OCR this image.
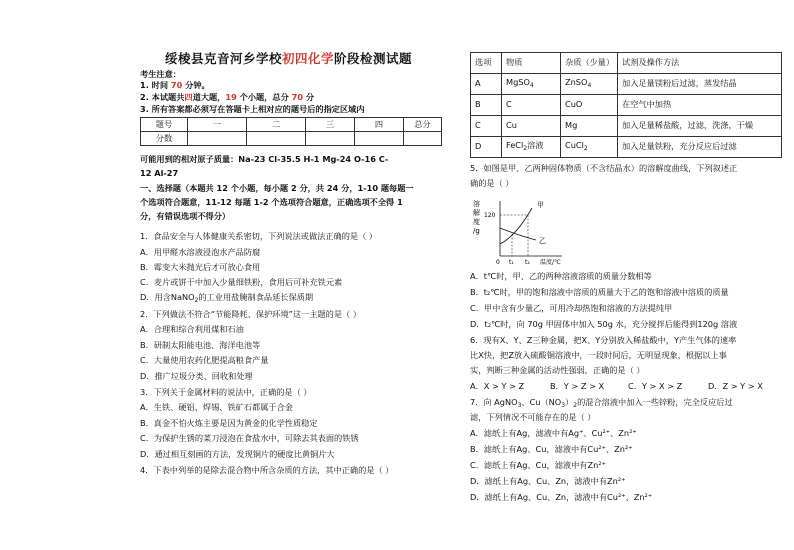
绥棱县克音河乡学校初四化学阶段检测试题
考生注意：
1. 时间 70 分钟。
2. 本试题共四道大题，19 个小题，总分 70 分
3. 所有答案都必须写在答题卡上相对应的题号后的指定区域内
题号	一	二	三	四	总分
分数					
可能用到的相对原子质量：Na-23 Cl-35.5 H-1 Mg-24 O-16 C-
12 Al-27
一、选择题（本题共 12 个小题，每小题 2 分，共 24 分，1-10 题每题一
个选项符合题意，11-12 每题 1-2 个选项符合题意，正确选项不全得 1
分，有错误选项不得分）
1．食品安全与人体健康关系密切，下列说法或做法正确的是（ ）
A．用甲醛水溶液浸泡水产品防腐
B．霉变大米抛光后才可放心食用
C．麦片或饼干中加入少量细铁粉，食用后可补充铁元素
D．用含NaNO$_2$的工业用盐腌制食品延长保质期
2．下列做法不符合“节能降耗、保护环境”这一主题的是（ ）
A．合理和综合利用煤和石油
B．研制太阳能电池、海洋电池等
C．大量使用农药化肥提高粮食产量
D．推广垃圾分类、回收和处理
3．下列关于金属材料的说法中，正确的是（ ）
A．生铁、硬铝、焊锡、铁矿石都属于合金
B．真金不怕火炼主要是因为黄金的化学性质稳定
C．为保护生锈的菜刀浸泡在食盐水中，可除去其表面的铁锈
D．通过相互刻画的方法，发现铜片的硬度比黄铜片大
4．下表中列举的是除去混合物中所含杂质的方法，其中正确的是（ ）
选项	物质	杂质（少量）	试剂及操作方法
A	MgSO$_4$	ZnSO$_4$	加入足量镁粉后过滤，蒸发结晶
B	C	CuO	在空气中加热
C	Cu	Mg	加入足量稀盐酸，过滤，洗涤，干燥
D	FeCl$_2$溶液	CuCl$_2$	加入足量铁粉，充分反应后过滤
5．如图是甲、乙两种固体物质（不含结晶水）的溶解度曲线，下列叙述正
确的是（ ）
溶
解
度
/g
120
甲
乙
0 t₁ t₂ 温度/℃
A．t℃时，甲、乙的两种溶液溶质的质量分数相等
B．t₂℃时，甲的饱和溶液中溶质的质量大于乙的饱和溶液中溶质的质量
C．甲中含有少量乙，可用冷却热饱和溶液的方法提纯甲
D．t₂℃时，向 70g 甲固体中加入 50g 水，充分搅拌后能得到120g 溶液
6．现有X、Y、Z三种金属，把X、Y分别放入稀盐酸中，Y产生气体的速率
比X快，把Z放入硫酸铜溶液中，一段时间后，无明显现象，根据以上事
实，判断三种金属的活动性强弱，正确的是（ ）
A．X > Y > Z	B．Y > Z > X	C．Y > X > Z	D．Z > Y > X
7．向 AgNO$_3$、$Cu(NO_3)_2$的混合溶液中加入一些锌粉，完全反应后过
滤，下列情况不可能存在的是（ ）
A．滤纸上有Ag，滤液中有Ag⁺、Cu²⁺、Zn²⁺
B．滤纸上有Ag、Cu，滤液中有Cu²⁺、Zn²⁺
C．滤纸上有Ag、Cu，滤液中有Zn²⁺
D．滤纸上有Ag、Cu、Zn，滤液中有Zn²⁺
D．滤纸上有Ag、Cu、Zn，滤液中有Cu²⁺、Zn²⁺
